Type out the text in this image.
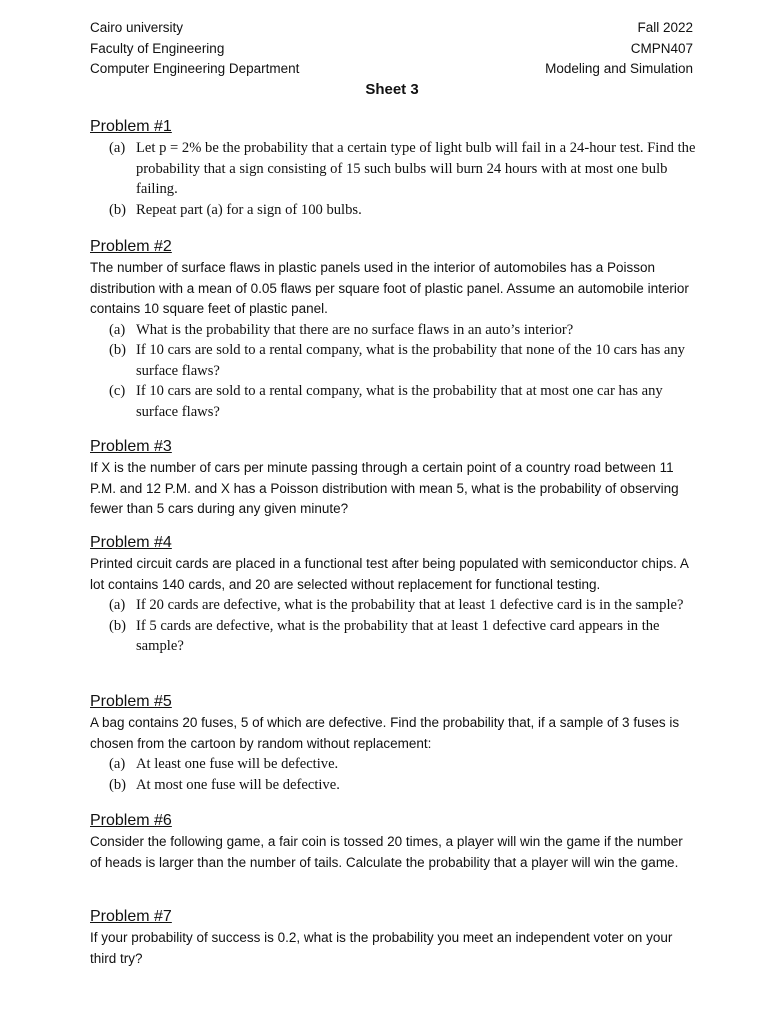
Cairo university
Faculty of Engineering
Computer Engineering Department
Fall 2022
CMPN407
Modeling and Simulation
Sheet 3
Problem #1
(a) Let p = 2% be the probability that a certain type of light bulb will fail in a 24-hour test. Find the probability that a sign consisting of 15 such bulbs will burn 24 hours with at most one bulb failing.
(b) Repeat part (a) for a sign of 100 bulbs.
Problem #2
The number of surface flaws in plastic panels used in the interior of automobiles has a Poisson distribution with a mean of 0.05 flaws per square foot of plastic panel. Assume an automobile interior contains 10 square feet of plastic panel.
(a) What is the probability that there are no surface flaws in an auto’s interior?
(b) If 10 cars are sold to a rental company, what is the probability that none of the 10 cars has any surface flaws?
(c) If 10 cars are sold to a rental company, what is the probability that at most one car has any surface flaws?
Problem #3
If X is the number of cars per minute passing through a certain point of a country road between 11 P.M. and 12 P.M. and X has a Poisson distribution with mean 5, what is the probability of observing fewer than 5 cars during any given minute?
Problem #4
Printed circuit cards are placed in a functional test after being populated with semiconductor chips. A lot contains 140 cards, and 20 are selected without replacement for functional testing.
(a) If 20 cards are defective, what is the probability that at least 1 defective card is in the sample?
(b) If 5 cards are defective, what is the probability that at least 1 defective card appears in the sample?
Problem #5
A bag contains 20 fuses, 5 of which are defective. Find the probability that, if a sample of 3 fuses is chosen from the cartoon by random without replacement:
(a) At least one fuse will be defective.
(b) At most one fuse will be defective.
Problem #6
Consider the following game, a fair coin is tossed 20 times, a player will win the game if the number of heads is larger than the number of tails. Calculate the probability that a player will win the game.
Problem #7
If your probability of success is 0.2, what is the probability you meet an independent voter on your third try?
